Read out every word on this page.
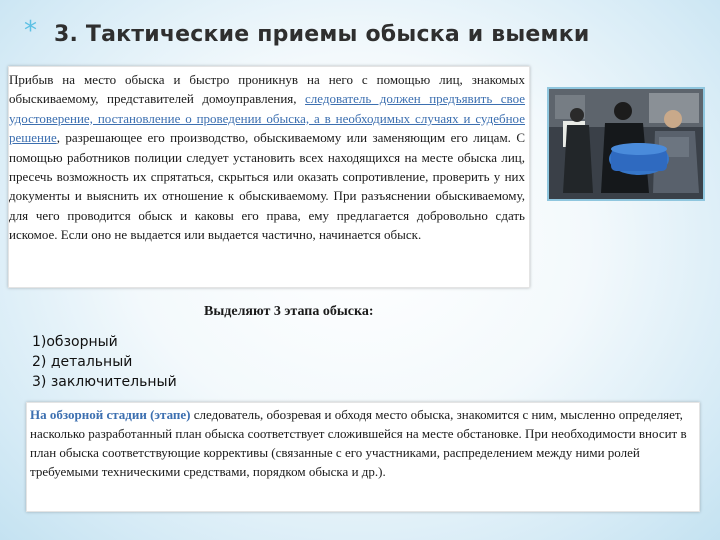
* 3. Тактические приемы обыска и выемки

Прибыв на место обыска и быстро проникнув на него с помощью лиц, знакомых обыскиваемому, представителей домоуправления, следователь должен предъявить свое удостоверение, постановление о проведении обыска, а в необходимых случаях и судебное решение, разрешающее его производство, обыскиваемому или заменяющим его лицам. С помощью работников полиции следует установить всех находящихся на месте обыска лиц, пресечь возможность их спрятаться, скрыться или оказать сопротивление, проверить у них документы и выяснить их отношение к обыскиваемому. При разъяснении обыскиваемому, для чего проводится обыск и каковы его права, ему предлагается добровольно сдать искомое. Если оно не выдается или выдается частично, начинается обыск.

Выделяют 3 этапа обыска:

1)обзорный
2) детальный
3) заключительный

На обзорной стадии (этапе) следователь, обозревая и обходя место обыска, знакомится с ним, мысленно определяет, насколько разработанный план обыска соответствует сложившейся на месте обстановке. При необходимости вносит в план обыска соответствующие коррективы (связанные с его участниками, распределением между ними ролей требуемыми техническими средствами, порядком обыска и др.).
